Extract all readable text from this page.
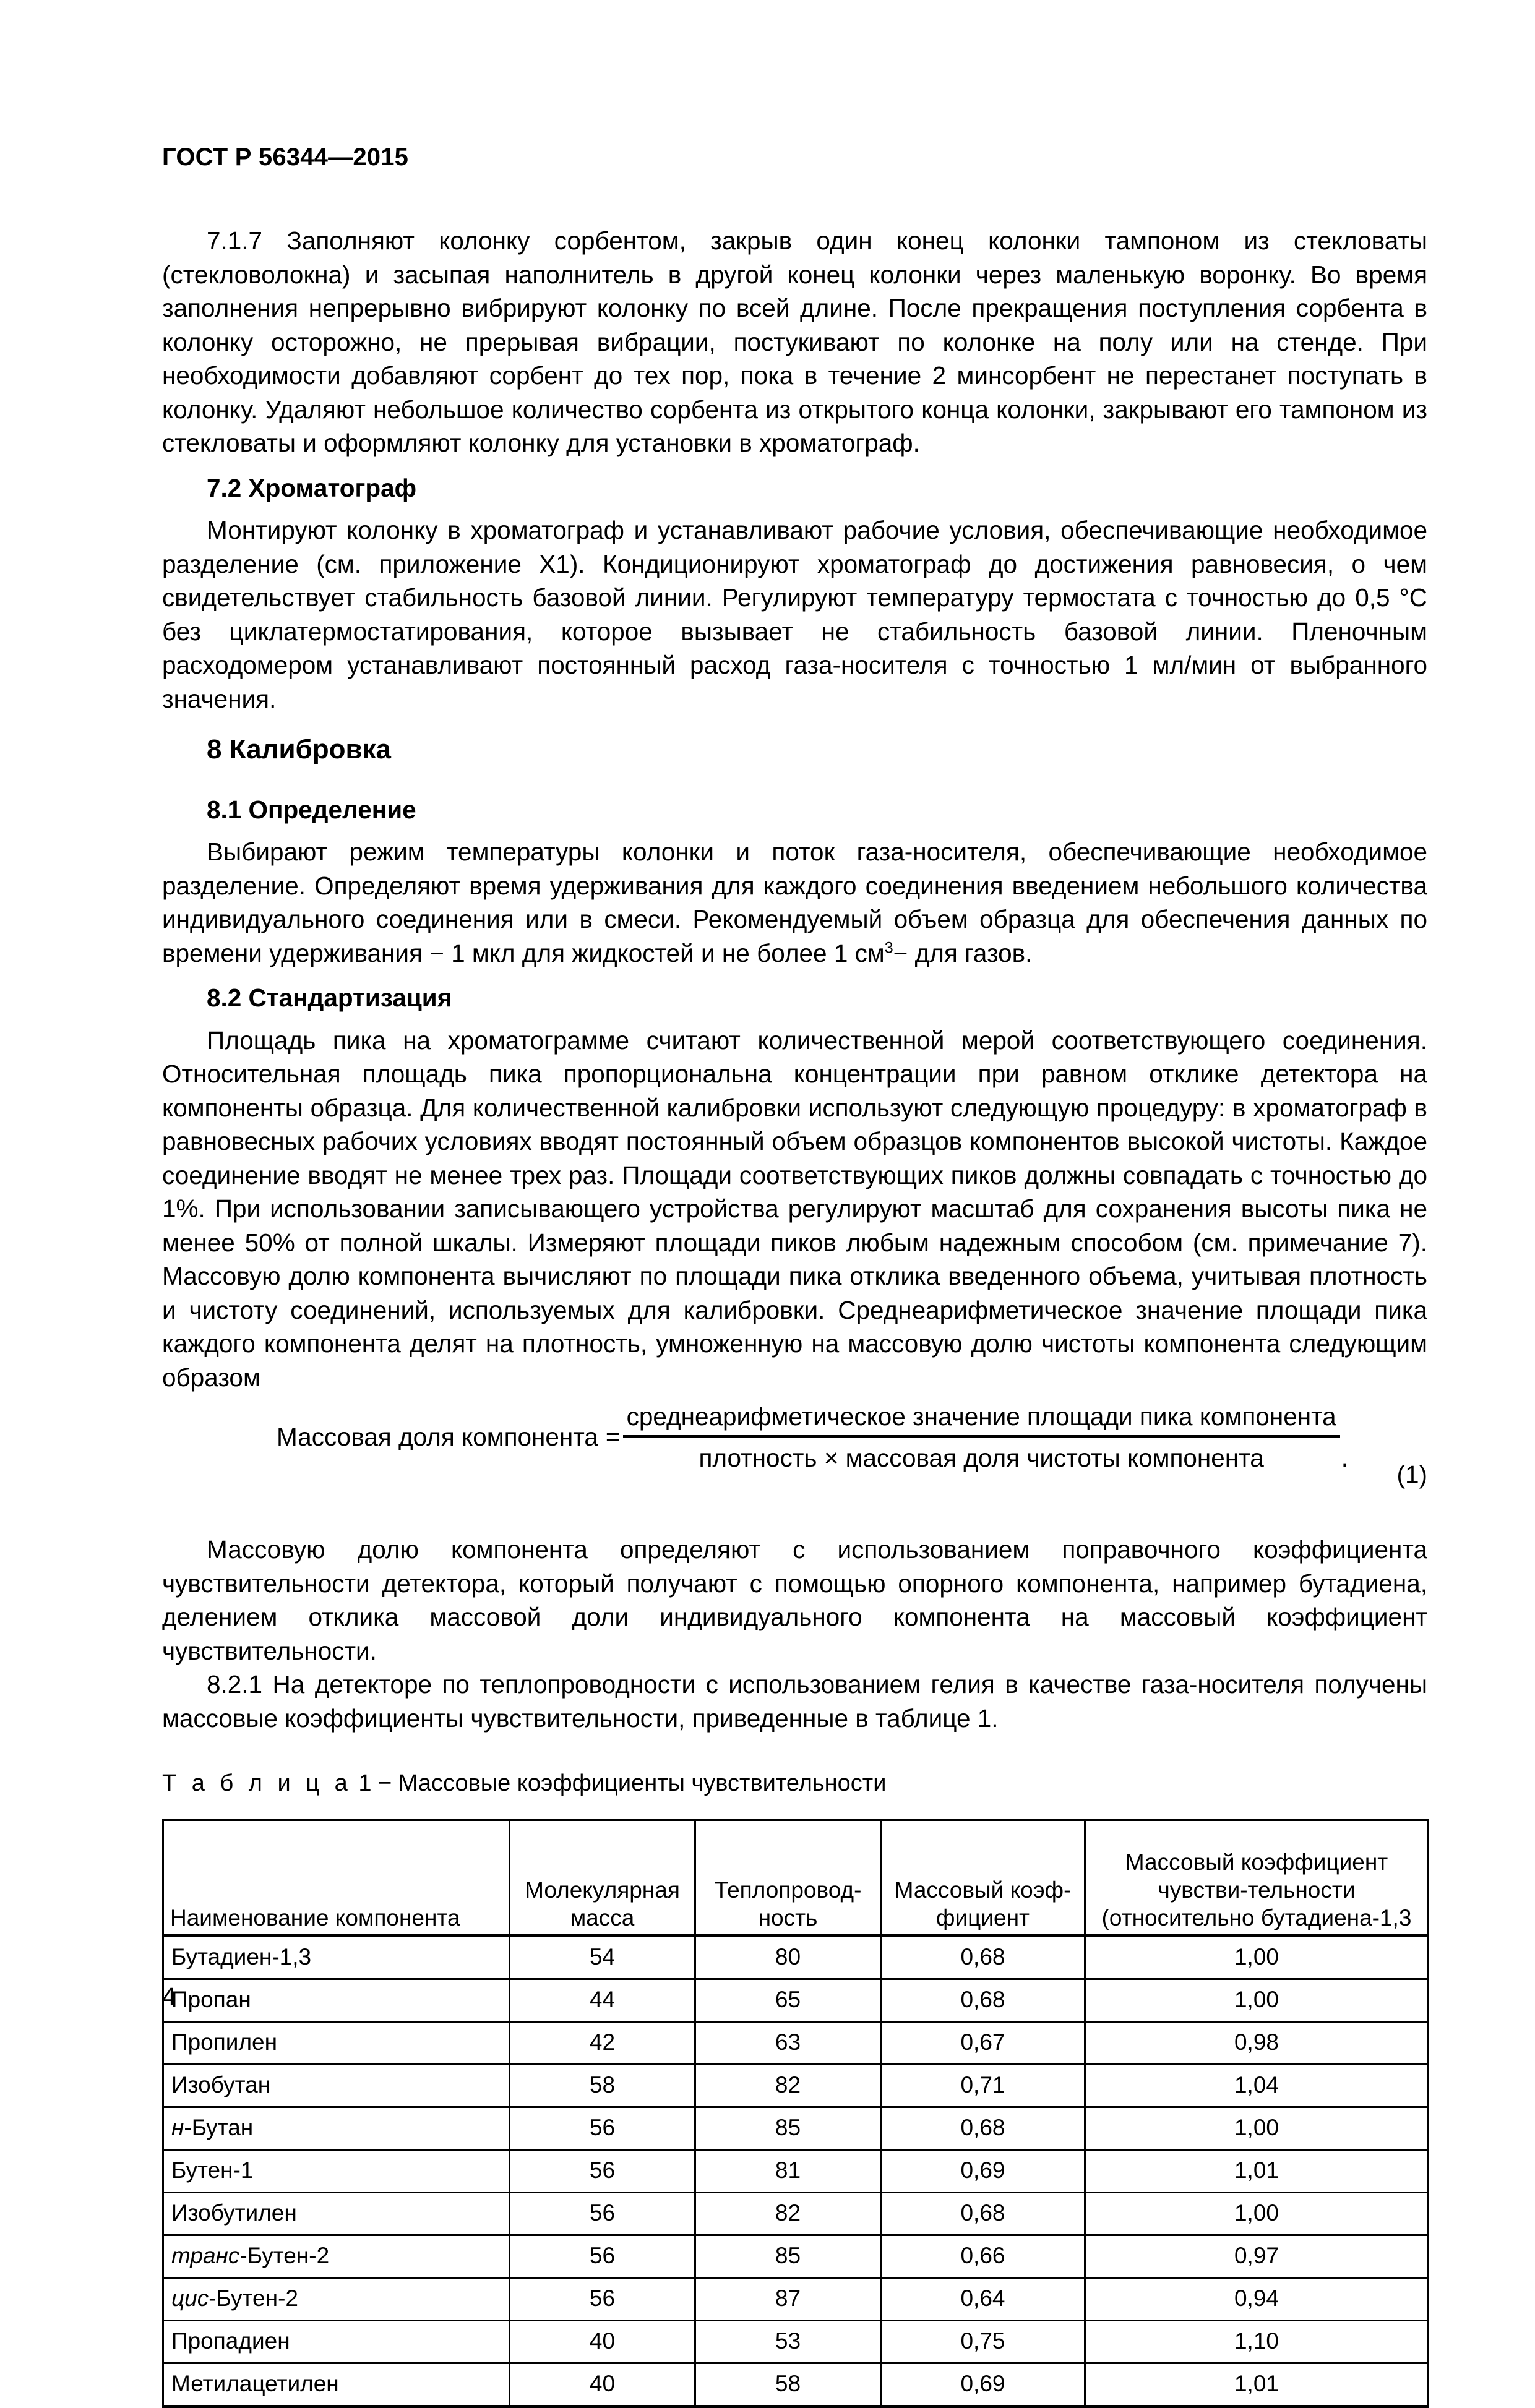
ГОСТ Р 56344—2015

7.1.7 Заполняют колонку сорбентом, закрыв один конец колонки тампоном из стекловаты (стекловолокна) и засыпая наполнитель в другой конец колонки через маленькую воронку. Во время заполнения непрерывно вибрируют колонку по всей длине. После прекращения поступления сорбента в колонку осторожно, не прерывая вибрации, постукивают по колонке на полу или на стенде. При необходимости добавляют сорбент до тех пор, пока в течение 2 минсорбент не перестанет поступать в колонку. Удаляют небольшое количество сорбента из открытого конца колонки, закрывают его тампоном из стекловаты и оформляют колонку для установки в хроматограф.

7.2 Хроматограф

Монтируют колонку в хроматограф и устанавливают рабочие условия, обеспечивающие необходимое разделение (см. приложение Х1). Кондиционируют хроматограф до достижения равновесия, о чем свидетельствует стабильность базовой линии. Регулируют температуру термостата с точностью до 0,5 °С без циклатермостатирования, которое вызывает не стабильность базовой линии. Пленочным расходомером устанавливают постоянный расход газа-носителя с точностью 1 мл/мин от выбранного значения.

8 Калибровка
8.1 Определение

Выбирают режим температуры колонки и поток газа-носителя, обеспечивающие необходимое разделение. Определяют время удерживания для каждого соединения введением небольшого количества индивидуального соединения или в смеси. Рекомендуемый объем образца для обеспечения данных по времени удерживания − 1 мкл для жидкостей и не более 1 $см^3-$ для газов.

8.2 Стандартизация

Площадь пика на хроматограмме считают количественной мерой соответствующего соединения. Относительная площадь пика пропорциональна концентрации при равном отклике детектора на компоненты образца. Для количественной калибровки используют следующую процедуру: в хроматограф в равновесных рабочих условиях вводят постоянный объем образцов компонентов высокой чистоты. Каждое соединение вводят не менее трех раз. Площади соответствующих пиков должны совпадать с точностью до 1%. При использовании записывающего устройства регулируют масштаб для сохранения высоты пика не менее 50% от полной шкалы. Измеряют площади пиков любым надежным способом (см. примечание 7). Массовую долю компонента вычисляют по площади пика отклика введенного объема, учитывая плотность и чистоту соединений, используемых для калибровки. Среднеарифметическое значение площади пика каждого компонента делят на плотность, умноженную на массовую долю чистоты компонента следующим образом

Массовая доля компонента =
среднеарифметическое значение площади пика компонента
плотность × массовая доля чистоты компонента	.
(1)

Массовую долю компонента определяют с использованием поправочного коэффициента чувствительности детектора, который получают с помощью опорного компонента, например бутадиена, делением отклика массовой доли индивидуального компонента на массовый коэффициент чувствительности.

8.2.1 На детекторе по теплопроводности с использованием гелия в качестве газа-носителя получены массовые коэффициенты чувствительности, приведенные в таблице 1.

Т а б л и ц а 1 − Массовые коэффициенты чувствительности
Наименование компонента	Молекулярная масса	Теплопровод-ность	Массовый коэф-фициент	Массовый коэффициент чувстви-тельности (относительно бутадиена-1,3
Бутадиен-1,3	54	80	0,68	1,00
Пропан	44	65	0,68	1,00
Пропилен	42	63	0,67	0,98
Изобутан	58	82	0,71	1,04
н-Бутан	56	85	0,68	1,00
Бутен-1	56	81	0,69	1,01
Изобутилен	56	82	0,68	1,00
транс-Бутен-2	56	85	0,66	0,97
цис-Бутен-2	56	87	0,64	0,94
Пропадиен	40	53	0,75	1,10
Метилацетилен	40	58	0,69	1,01
4
